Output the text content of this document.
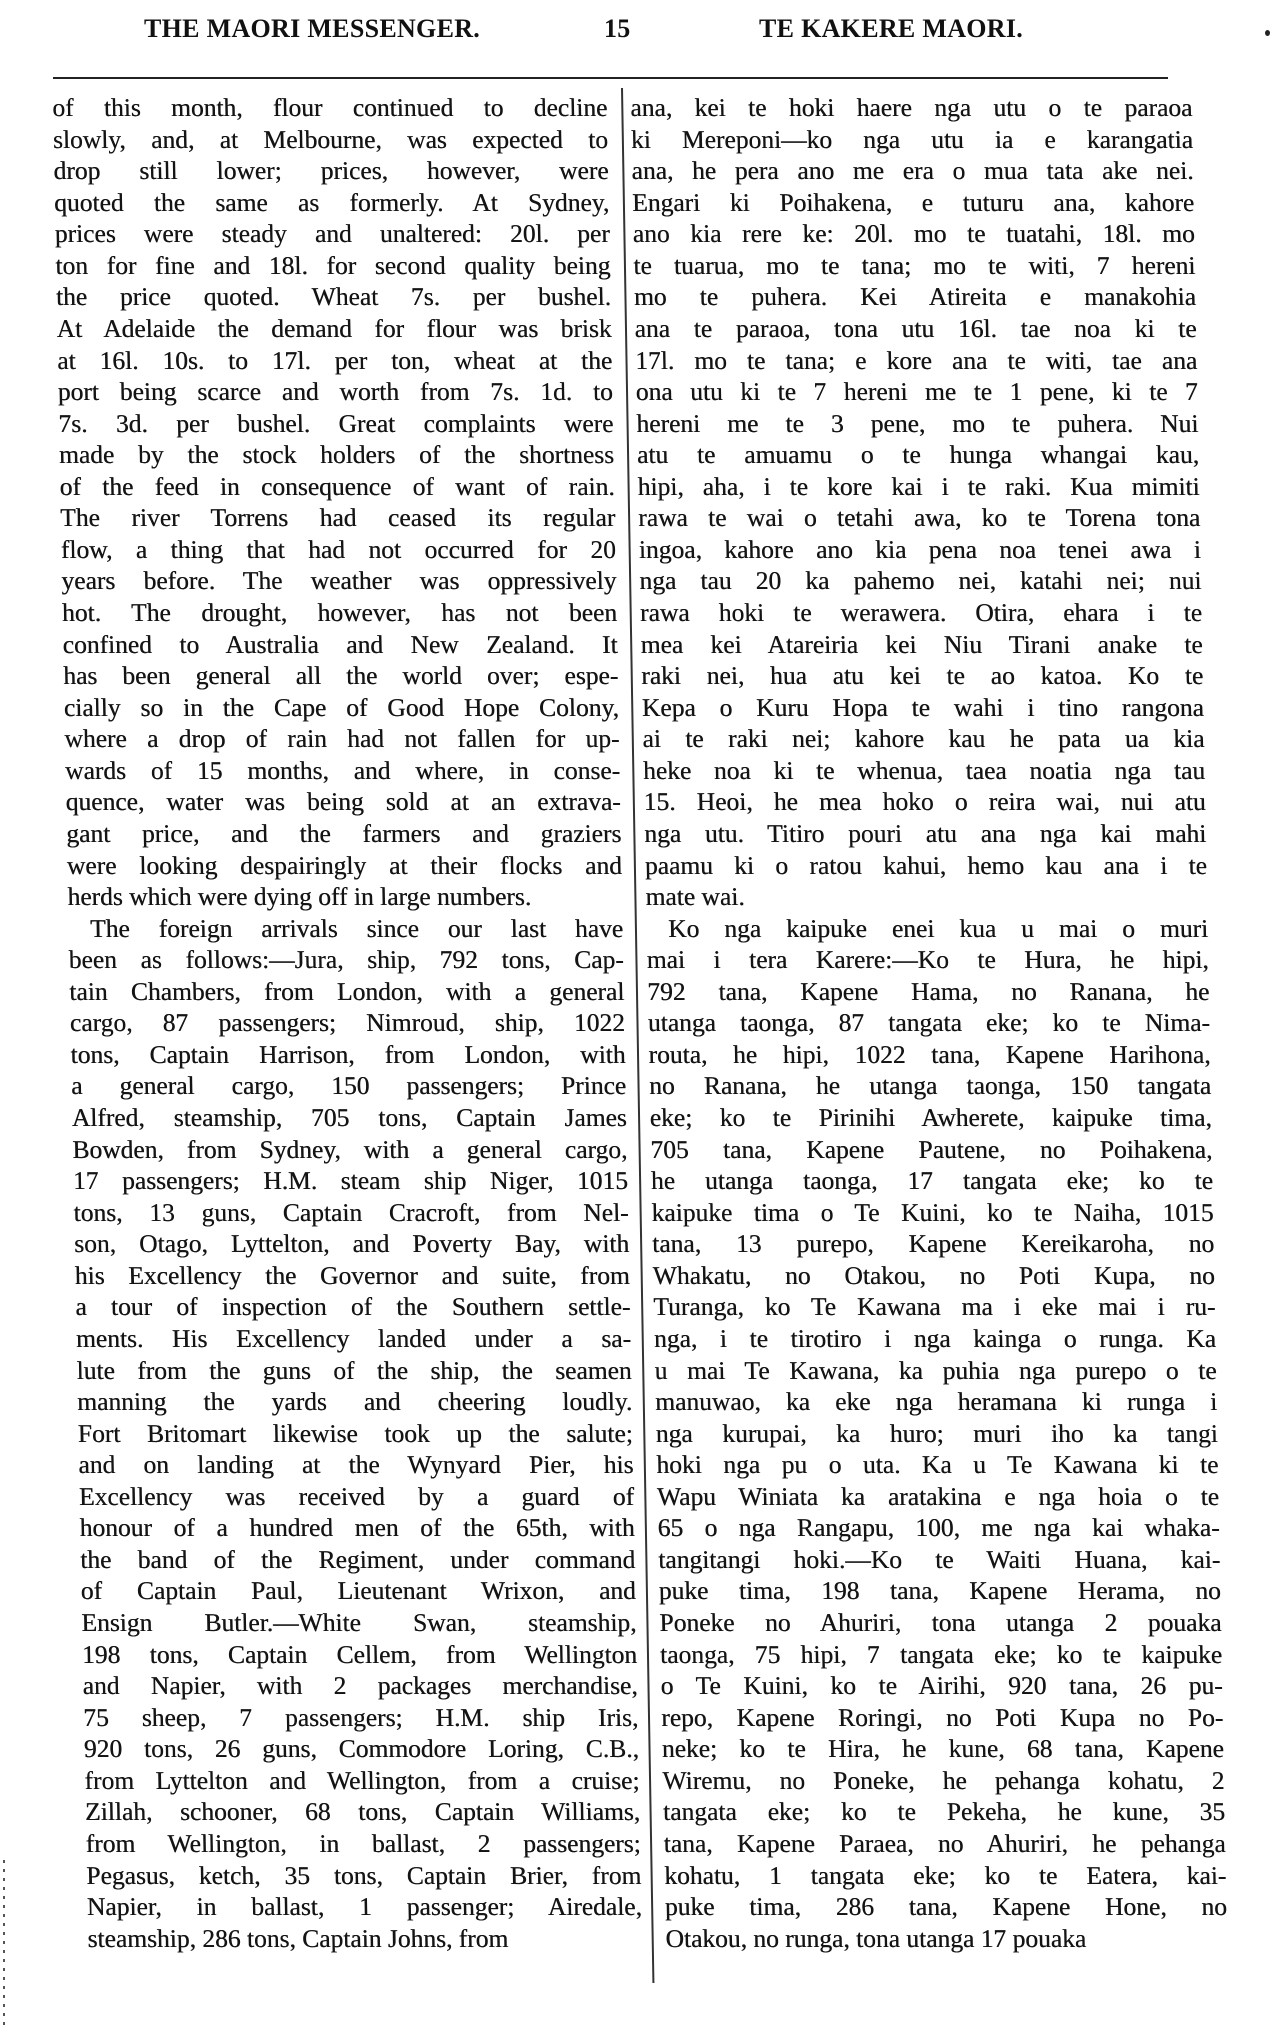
THE MAORI MESSENGER.	15	TE KAKERE MAORI.
of this month, flour continued to decline
slowly, and, at Melbourne, was expected to
drop still lower; prices, however, were
quoted the same as formerly. At Sydney,
prices were steady and unaltered: 20l. per
ton for fine and 18l. for second quality being
the price quoted. Wheat 7s. per bushel.
At Adelaide the demand for flour was brisk
at 16l. 10s. to 17l. per ton, wheat at the
port being scarce and worth from 7s. 1d. to
7s. 3d. per bushel. Great complaints were
made by the stock holders of the shortness
of the feed in consequence of want of rain.
The river Torrens had ceased its regular
flow, a thing that had not occurred for 20
years before. The weather was oppressively
hot. The drought, however, has not been
confined to Australia and New Zealand. It
has been general all the world over; espe-
cially so in the Cape of Good Hope Colony,
where a drop of rain had not fallen for up-
wards of 15 months, and where, in conse-
quence, water was being sold at an extrava-
gant price, and the farmers and graziers
were looking despairingly at their flocks and
herds which were dying off in large numbers.
The foreign arrivals since our last have
been as follows:—Jura, ship, 792 tons, Cap-
tain Chambers, from London, with a general
cargo, 87 passengers; Nimroud, ship, 1022
tons, Captain Harrison, from London, with
a general cargo, 150 passengers; Prince
Alfred, steamship, 705 tons, Captain James
Bowden, from Sydney, with a general cargo,
17 passengers; H.M. steam ship Niger, 1015
tons, 13 guns, Captain Cracroft, from Nel-
son, Otago, Lyttelton, and Poverty Bay, with
his Excellency the Governor and suite, from
a tour of inspection of the Southern settle-
ments. His Excellency landed under a sa-
lute from the guns of the ship, the seamen
manning the yards and cheering loudly.
Fort Britomart likewise took up the salute;
and on landing at the Wynyard Pier, his
Excellency was received by a guard of
honour of a hundred men of the 65th, with
the band of the Regiment, under command
of Captain Paul, Lieutenant Wrixon, and
Ensign Butler.—White Swan, steamship,
198 tons, Captain Cellem, from Wellington
and Napier, with 2 packages merchandise,
75 sheep, 7 passengers; H.M. ship Iris,
920 tons, 26 guns, Commodore Loring, C.B.,
from Lyttelton and Wellington, from a cruise;
Zillah, schooner, 68 tons, Captain Williams,
from Wellington, in ballast, 2 passengers;
Pegasus, ketch, 35 tons, Captain Brier, from
Napier, in ballast, 1 passenger; Airedale,
steamship, 286 tons, Captain Johns, from
ana, kei te hoki haere nga utu o te paraoa
ki Mereponi—ko nga utu ia e karangatia
ana, he pera ano me era o mua tata ake nei.
Engari ki Poihakena, e tuturu ana, kahore
ano kia rere ke: 20l. mo te tuatahi, 18l. mo
te tuarua, mo te tana; mo te witi, 7 hereni
mo te puhera. Kei Atireita e manakohia
ana te paraoa, tona utu 16l. tae noa ki te
17l. mo te tana; e kore ana te witi, tae ana
ona utu ki te 7 hereni me te 1 pene, ki te 7
hereni me te 3 pene, mo te puhera. Nui
atu te amuamu o te hunga whangai kau,
hipi, aha, i te kore kai i te raki. Kua mimiti
rawa te wai o tetahi awa, ko te Torena tona
ingoa, kahore ano kia pena noa tenei awa i
nga tau 20 ka pahemo nei, katahi nei; nui
rawa hoki te werawera. Otira, ehara i te
mea kei Atareiria kei Niu Tirani anake te
raki nei, hua atu kei te ao katoa. Ko te
Kepa o Kuru Hopa te wahi i tino rangona
ai te raki nei; kahore kau he pata ua kia
heke noa ki te whenua, taea noatia nga tau
15. Heoi, he mea hoko o reira wai, nui atu
nga utu. Titiro pouri atu ana nga kai mahi
paamu ki o ratou kahui, hemo kau ana i te
mate wai.
Ko nga kaipuke enei kua u mai o muri
mai i tera Karere:—Ko te Hura, he hipi,
792 tana, Kapene Hama, no Ranana, he
utanga taonga, 87 tangata eke; ko te Nima-
routa, he hipi, 1022 tana, Kapene Harihona,
no Ranana, he utanga taonga, 150 tangata
eke; ko te Pirinihi Awherete, kaipuke tima,
705 tana, Kapene Pautene, no Poihakena,
he utanga taonga, 17 tangata eke; ko te
kaipuke tima o Te Kuini, ko te Naiha, 1015
tana, 13 purepo, Kapene Kereikaroha, no
Whakatu, no Otakou, no Poti Kupa, no
Turanga, ko Te Kawana ma i eke mai i ru-
nga, i te tirotiro i nga kainga o runga. Ka
u mai Te Kawana, ka puhia nga purepo o te
manuwao, ka eke nga heramana ki runga i
nga kurupai, ka huro; muri iho ka tangi
hoki nga pu o uta. Ka u Te Kawana ki te
Wapu Winiata ka aratakina e nga hoia o te
65 o nga Rangapu, 100, me nga kai whaka-
tangitangi hoki.—Ko te Waiti Huana, kai-
puke tima, 198 tana, Kapene Herama, no
Poneke no Ahuriri, tona utanga 2 pouaka
taonga, 75 hipi, 7 tangata eke; ko te kaipuke
o Te Kuini, ko te Airihi, 920 tana, 26 pu-
repo, Kapene Roringi, no Poti Kupa no Po-
neke; ko te Hira, he kune, 68 tana, Kapene
Wiremu, no Poneke, he pehanga kohatu, 2
tangata eke; ko te Pekeha, he kune, 35
tana, Kapene Paraea, no Ahuriri, he pehanga
kohatu, 1 tangata eke; ko te Eatera, kai-
puke tima, 286 tana, Kapene Hone, no
Otakou, no runga, tona utanga 17 pouaka
